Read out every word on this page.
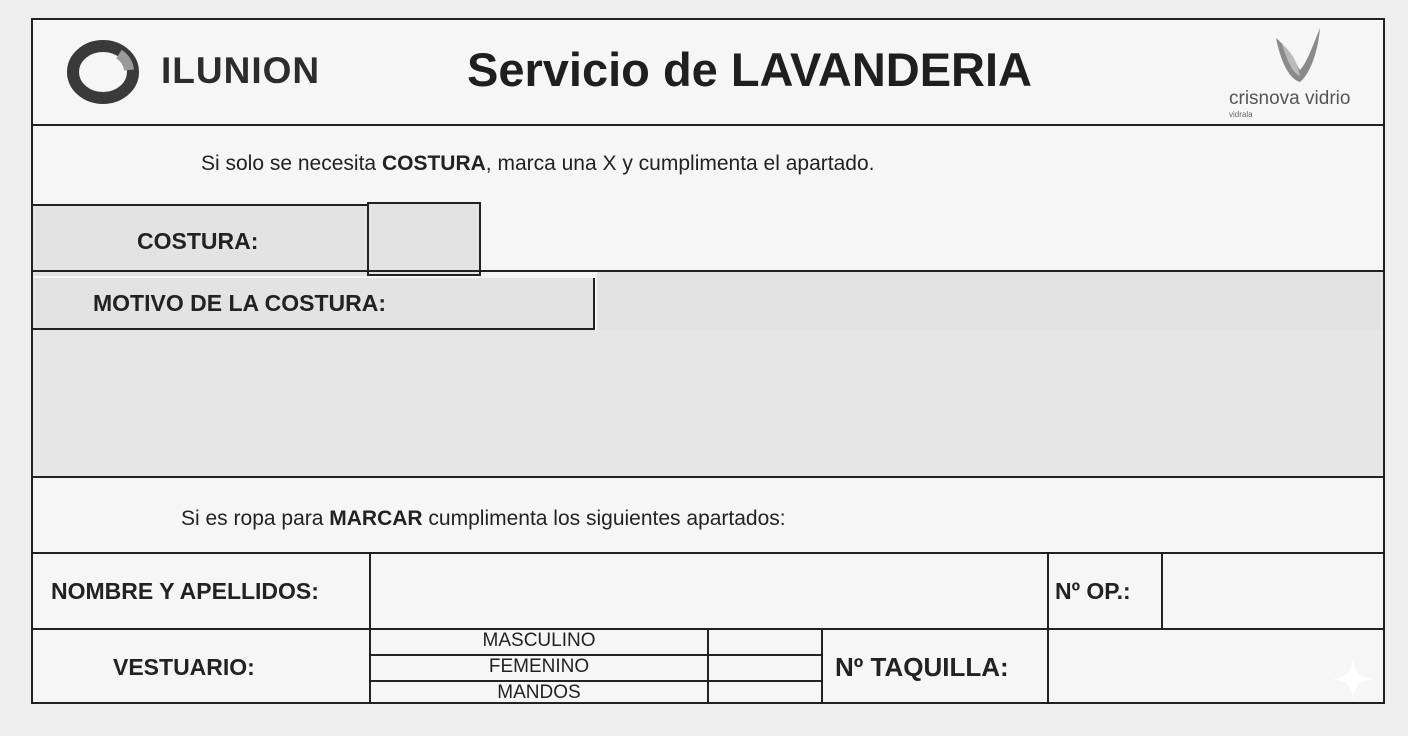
ILUNION	Servicio de LAVANDERIA
crisnova vidrio
vidrala
Si solo se necesita COSTURA, marca una X y cumplimenta el apartado.
COSTURA:
MOTIVO DE LA COSTURA:
Si es ropa para MARCAR cumplimenta los siguientes apartados:
NOMBRE Y APELLIDOS:	Nº OP.:
VESTUARIO:
MASCULINO
FEMENINO
MANDOS
Nº TAQUILLA:
